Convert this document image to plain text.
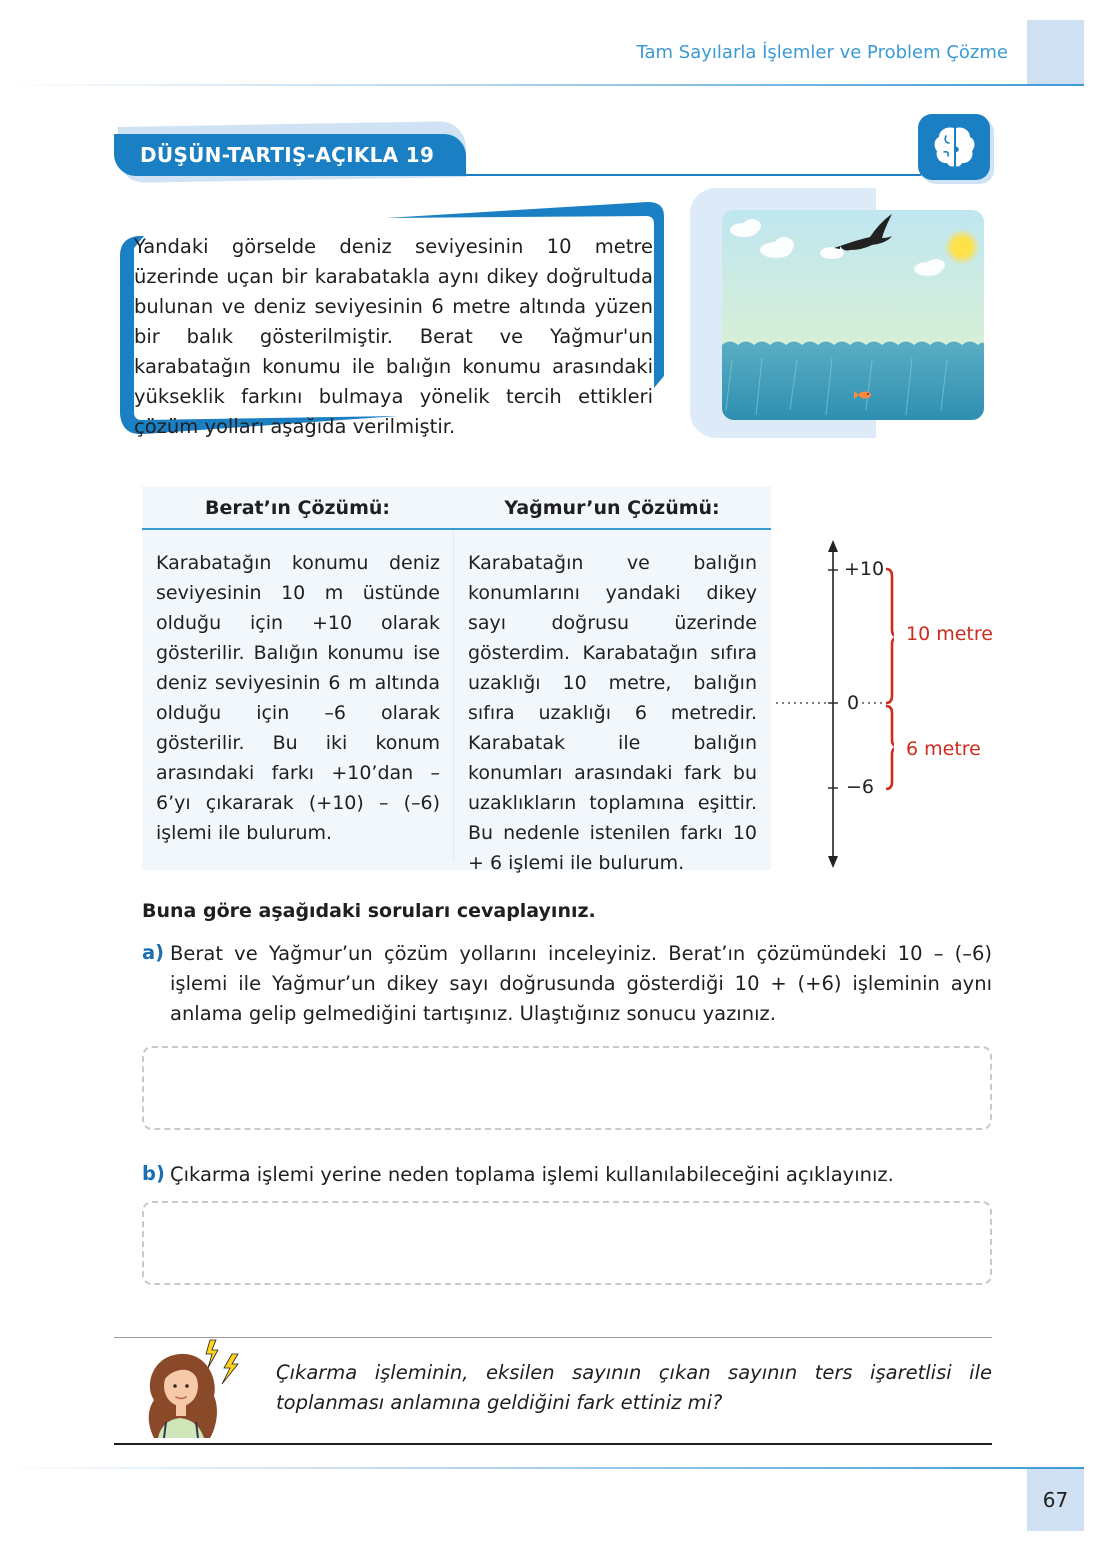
Tam Sayılarla İşlemler ve Problem Çözme
DÜŞÜN-TARTIŞ-AÇIKLA 19
Yandaki görselde deniz seviyesinin 10 metre üzerinde uçan bir karabatakla aynı dikey doğrultuda bulunan ve deniz seviyesinin 6 metre altında yüzen bir balık gösterilmiştir. Berat ve Yağmur'un karabatağın konumu ile balığın konumu arasındaki yükseklik farkını bulmaya yönelik tercih ettikleri çözüm yolları aşağıda verilmiştir.
Berat’ın Çözümü:	Yağmur’un Çözümü:
Karabatağın konumu deniz seviyesinin 10 m üstünde olduğu için +10 olarak gösterilir. Balığın konumu ise deniz seviyesinin 6 m altında olduğu için –6 olarak gösterilir. Bu iki konum arasındaki farkı +10’dan –6’yı çıkararak (+10) – (–6) işlemi ile bulurum.
Karabatağın ve balığın konumlarını yandaki dikey sayı doğrusu üzerinde gösterdim. Karabatağın sıfıra uzaklığı 10 metre, balığın sıfıra uzaklığı 6 metredir. Karabatak ile balığın konumları arasındaki fark bu uzaklıkların toplamına eşittir. Bu nedenle istenilen farkı 10 + 6 işlemi ile bulurum.
+10
0
−6
10 metre
6 metre
Buna göre aşağıdaki soruları cevaplayınız.
a) Berat ve Yağmur’un çözüm yollarını inceleyiniz. Berat’ın çözümündeki 10 – (–6) işlemi ile Yağmur’un dikey sayı doğrusunda gösterdiği 10 + (+6) işleminin aynı anlama gelip gelmediğini tartışınız. Ulaştığınız sonucu yazınız.
b) Çıkarma işlemi yerine neden toplama işlemi kullanılabileceğini açıklayınız.
Çıkarma işleminin, eksilen sayının çıkan sayının ters işaretlisi ile toplanması anlamına geldiğini fark ettiniz mi?
67
